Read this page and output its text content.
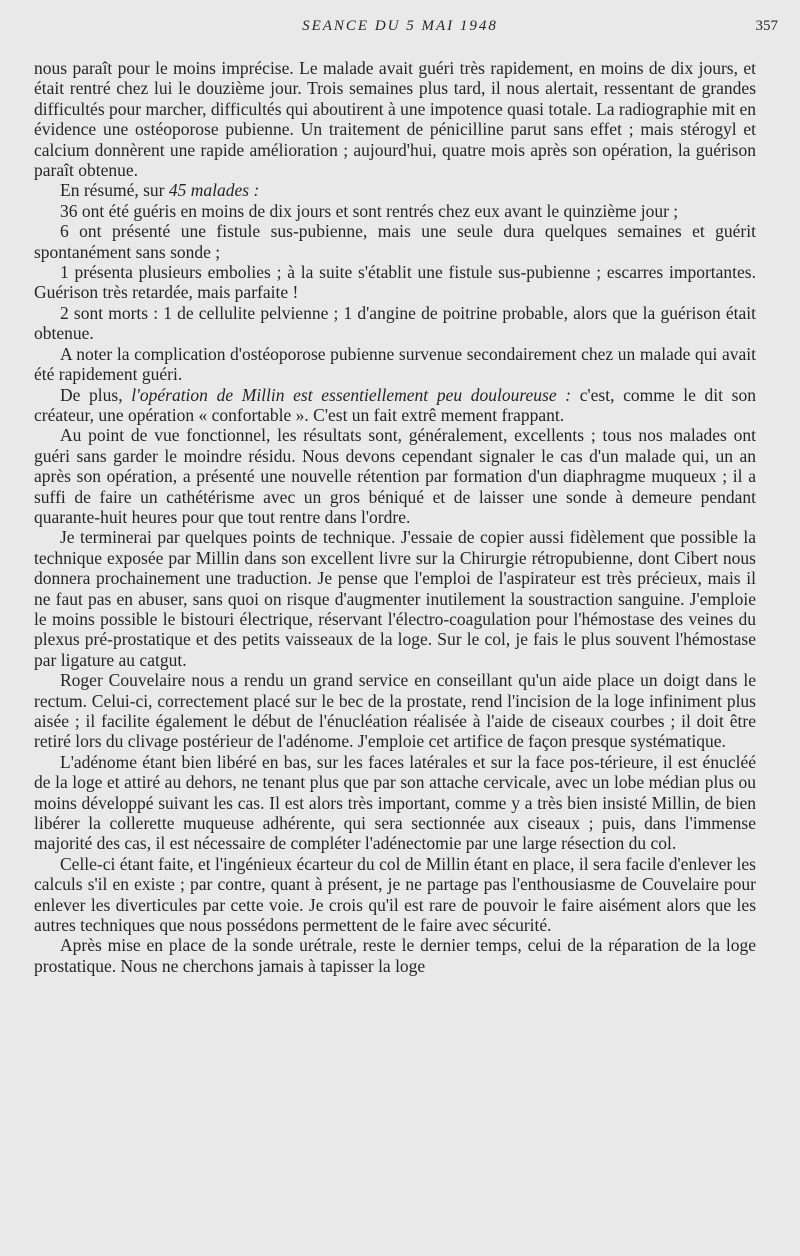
SEANCE DU 5 MAI 1948	357

nous paraît pour le moins imprécise. Le malade avait guéri très rapidement, en moins de dix jours, et était rentré chez lui le douzième jour. Trois semaines plus tard, il nous alertait, ressentant de grandes difficultés pour marcher, difficultés qui aboutirent à une impotence quasi totale. La radiographie mit en évidence une ostéoporose pubienne. Un traitement de pénicilline parut sans effet ; mais stérogyl et calcium donnèrent une rapide amélioration ; aujourd'hui, quatre mois après son opération, la guérison paraît obtenue.

En résumé, sur 45 malades :

36 ont été guéris en moins de dix jours et sont rentrés chez eux avant le quinzième jour ;

6 ont présenté une fistule sus-pubienne, mais une seule dura quelques semaines et guérit spontanément sans sonde ;

1 présenta plusieurs embolies ; à la suite s'établit une fistule sus-pubienne ; escarres importantes. Guérison très retardée, mais parfaite !

2 sont morts : 1 de cellulite pelvienne ; 1 d'angine de poitrine probable, alors que la guérison était obtenue.

A noter la complication d'ostéoporose pubienne survenue secondairement chez un malade qui avait été rapidement guéri.

De plus, l'opération de Millin est essentiellement peu douloureuse : c'est, comme le dit son créateur, une opération « confortable ». C'est un fait extrê mement frappant.

Au point de vue fonctionnel, les résultats sont, généralement, excellents ; tous nos malades ont guéri sans garder le moindre résidu. Nous devons cependant signaler le cas d'un malade qui, un an après son opération, a présenté une nouvelle rétention par formation d'un diaphragme muqueux ; il a suffi de faire un cathétérisme avec un gros béniqué et de laisser une sonde à demeure pendant quarante-huit heures pour que tout rentre dans l'ordre.

Je terminerai par quelques points de technique. J'essaie de copier aussi fidèlement que possible la technique exposée par Millin dans son excellent livre sur la Chirurgie rétropubienne, dont Cibert nous donnera prochainement une traduction. Je pense que l'emploi de l'aspirateur est très précieux, mais il ne faut pas en abuser, sans quoi on risque d'augmenter inutilement la soustraction sanguine. J'emploie le moins possible le bistouri électrique, réservant l'électro-coagulation pour l'hémostase des veines du plexus pré-prostatique et des petits vaisseaux de la loge. Sur le col, je fais le plus souvent l'hémostase par ligature au catgut.

Roger Couvelaire nous a rendu un grand service en conseillant qu'un aide place un doigt dans le rectum. Celui-ci, correctement placé sur le bec de la prostate, rend l'incision de la loge infiniment plus aisée ; il facilite également le début de l'énucléation réalisée à l'aide de ciseaux courbes ; il doit être retiré lors du clivage postérieur de l'adénome. J'emploie cet artifice de façon presque systématique.

L'adénome étant bien libéré en bas, sur les faces latérales et sur la face pos-térieure, il est énucléé de la loge et attiré au dehors, ne tenant plus que par son attache cervicale, avec un lobe médian plus ou moins développé suivant les cas. Il est alors très important, comme y a très bien insisté Millin, de bien libérer la collerette muqueuse adhérente, qui sera sectionnée aux ciseaux ; puis, dans l'immense majorité des cas, il est nécessaire de compléter l'adénectomie par une large résection du col.

Celle-ci étant faite, et l'ingénieux écarteur du col de Millin étant en place, il sera facile d'enlever les calculs s'il en existe ; par contre, quant à présent, je ne partage pas l'enthousiasme de Couvelaire pour enlever les diverticules par cette voie. Je crois qu'il est rare de pouvoir le faire aisément alors que les autres techniques que nous possédons permettent de le faire avec sécurité.

Après mise en place de la sonde urétrale, reste le dernier temps, celui de la réparation de la loge prostatique. Nous ne cherchons jamais à tapisser la loge
